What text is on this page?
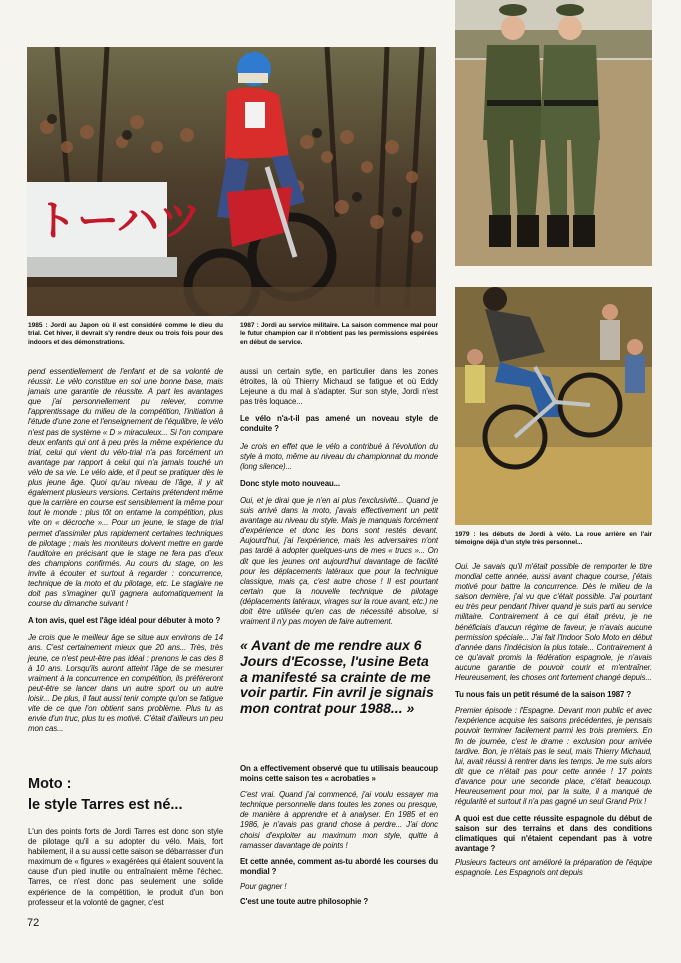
トーハツ
1985 : Jordi au Japon où il est considéré comme le dieu du trial. Cet hiver, il devrait s'y rendre deux ou trois fois pour des indoors et des démonstrations.
1987 : Jordi au service militaire. La saison commence mal pour le futur champion car il n'obtient pas les permissions espérées en début de service.
1979 : les débuts de Jordi à vélo. La roue arrière en l'air témoigne déjà d'un style très personnel...

pend essentiellement de l'enfant et de sa volonté de réussir. Le vélo constitue en soi une bonne base, mais jamais une garantie de réussite. A part les avantages que j'ai personnellement pu relever, comme l'apprentissage du milieu de la compétition, l'initiation à l'étude d'une zone et l'enseignement de l'équilibre, le vélo n'est pas de système « D » miraculeux... Si l'on compare deux enfants qui ont à peu près la même expérience du trial, celui qui vient du vélo-trial n'a pas forcément un avantage par rapport à celui qui n'a jamais touché un vélo de sa vie. Le vélo aide, et il peut se pratiquer dès le plus jeune âge. Quoi qu'au niveau de l'âge, il y ait également plusieurs versions. Certains prétendent même que la carrière en course est sensiblement la même pour tout le monde : plus tôt on entame la compétition, plus vite on « décroche »... Pour un jeune, le stage de trial permet d'assimiler plus rapidement certaines techniques de pilotage ; mais les moniteurs doivent mettre en garde l'auditoire en précisant que le stage ne fera pas d'eux des champions confirmés. Au cours du stage, on les invite à écouter et surtout à regarder : concurrence, technique de la moto et du pilotage, etc. Le stagiaire ne doit pas s'imaginer qu'il gagnera automatiquement la course du dimanche suivant !

A ton avis, quel est l'âge idéal pour débuter à moto ?

Je crois que le meilleur âge se situe aux environs de 14 ans. C'est certainement mieux que 20 ans... Très, très jeune, ce n'est peut-être pas idéal : prenons le cas des 8 à 10 ans. Lorsqu'ils auront atteint l'âge de se mesurer vraiment à la concurrence en compétition, ils préféreront peut-être se lancer dans un autre sport ou un autre loisir... De plus, il faut aussi tenir compte qu'on se fatigue vite de ce que l'on obtient sans problème. Plus tu as envie d'un truc, plus tu es motivé. C'était d'ailleurs un peu mon cas...

Moto :
le style Tarres est né...

L'un des points forts de Jordi Tarres est donc son style de pilotage qu'il a su adopter du vélo. Mais, fort habilement, il a su aussi cette saison se débarrasser d'un maximum de « figures » exagérées qui étaient souvent la cause d'un pied inutile ou entraînaient même l'échec. Tarres, ce n'est donc pas seulement une solide expérience de la compétition, le produit d'un bon professeur et la volonté de gagner, c'est

aussi un certain sytle, en particulier dans les zones étroites, là où Thierry Michaud se fatigue et où Eddy Lejeune a du mal à s'adapter. Sur son style, Jordi n'est pas très loquace...

Le vélo n'a-t-il pas amené un noveau style de conduite ?

Je crois en effet que le vélo a contribué à l'évolution du style à moto, même au niveau du championnat du monde (long silence)...

Donc style moto nouveau...

Oui, et je dirai que je n'en ai plus l'exclusivité... Quand je suis arrivé dans la moto, j'avais effectivement un petit avantage au niveau du style. Mais je manquais forcément d'expérience et donc les bons sont restés devant. Aujourd'hui, j'ai l'expérience, mais les adversaires n'ont pas tardé à adopter quelques-uns de mes « trucs »... On dit que les jeunes ont aujourd'hui davantage de facilité pour les déplacements latéraux que pour la technique classique, mais ça, c'est autre chose ! Il est pourtant certain que la nouvelle technique de pilotage (déplacements latéraux, virages sur la roue avant, etc.) ne doit être utilisée qu'en cas de nécessité absolue, si vraiment il n'y pas moyen de faire autrement.

« Avant de me rendre aux 6 Jours d'Ecosse, l'usine Beta a manifesté sa crainte de me voir partir. Fin avril je signais mon contrat pour 1988... »

On a effectivement observé que tu utilisais beaucoup moins cette saison tes « acrobaties »

C'est vrai. Quand j'ai commencé, j'ai voulu essayer ma technique personnelle dans toutes les zones ou presque, de manière à apprendre et à analyser. En 1985 et en 1986, je n'avais pas grand chose à perdre... J'ai donc choisi d'exploiter au maximum mon style, quitte à ramasser davantage de points !

Et cette année, comment as-tu abordé les courses du mondial ?

Pour gagner !

C'est une toute autre philosophie ?

Oui. Je savais qu'il m'était possible de remporter le titre mondial cette année, aussi avant chaque course, j'étais motivé pour battre la concurrence. Dès le milieu de la saison dernière, j'ai vu que c'était possible. J'ai pourtant eu très peur pendant l'hiver quand je suis parti au service militaire. Contrairement à ce qui était prévu, je ne bénéficiais d'aucun régime de faveur, je n'avais aucune permission spéciale... J'ai fait l'Indoor Solo Moto en début d'année dans l'indécision la plus totale... Contrairement à ce qu'avait promis la fédération espagnole, je n'avais aucune garantie de pouvoir courir et m'entraîner. Heureusement, les choses ont fortement changé depuis...

Tu nous fais un petit résumé de la saison 1987 ?

Premier épisode : l'Espagne. Devant mon public et avec l'expérience acquise les saisons précédentes, je pensais pouvoir terminer facilement parmi les trois premiers. En fin de journée, c'est le drame : exclusion pour arrivée tardive. Bon, je n'étais pas le seul, mais Thierry Michaud, lui, avait réussi à rentrer dans les temps. Je me suis alors dit que ce n'était pas pour cette année ! 17 points d'avance pour une seconde place, c'était beaucoup. Heureusement pour moi, par la suite, il a manqué de régularité et surtout il n'a pas gagné un seul Grand Prix !

A quoi est due cette réussite espagnole du début de saison sur des terrains et dans des conditions climatiques qui n'étaient cependant pas à votre avantage ?

Plusieurs facteurs ont amélioré la préparation de l'équipe espagnole. Les Espagnols ont depuis

72
